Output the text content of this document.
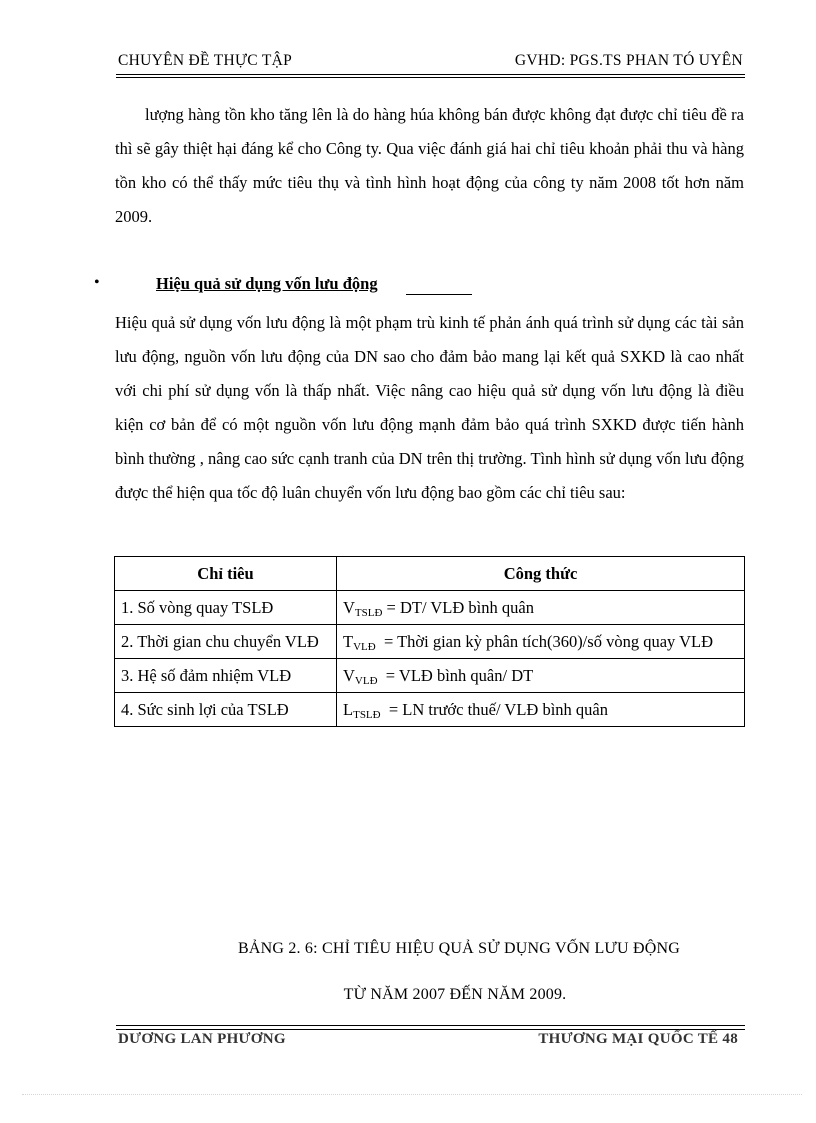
CHUYÊN ĐỀ THỰC TẬP	GVHD: PGS.TS PHAN TÓ UYÊN
lượng hàng tồn kho tăng lên là do hàng húa không bán được không đạt được chỉ tiêu đề ra thì sẽ gây thiệt hại đáng kể cho Công ty. Qua việc đánh giá hai chỉ tiêu khoản phải thu và hàng tồn kho có thể thấy mức tiêu thụ và tình hình hoạt động của công ty năm 2008 tốt hơn năm 2009.
•	Hiệu quả sử dụng vốn lưu động
Hiệu quả sử dụng vốn lưu động là một phạm trù kinh tế phản ánh quá trình sử dụng các tài sản lưu động, nguồn vốn lưu động của DN sao cho đảm bảo mang lại kết quả SXKD là cao nhất với chi phí sử dụng vốn là thấp nhất. Việc nâng cao hiệu quả sử dụng vốn lưu động là điều kiện cơ bản để có một nguồn vốn lưu động mạnh đảm bảo quá trình SXKD được tiến hành bình thường , nâng cao sức cạnh tranh của DN trên thị trường. Tình hình sử dụng vốn lưu động được thể hiện qua tốc độ luân chuyển vốn lưu động bao gồm các chỉ tiêu sau:
Chỉ tiêu	Công thức
1. Số vòng quay TSLĐ	$V_{TSLĐ} = DT/$ VLĐ bình quân
2. Thời gian chu chuyển VLĐ	$T_{VLĐ}$  = Thời gian kỳ phân tích(360)/số vòng quay VLĐ
3. Hệ số đảm nhiệm VLĐ	$V_{VLĐ}$  = VLĐ bình quân/ DT
4. Sức sinh lợi của TSLĐ	$L_{TSLĐ}$  = LN trước thuế/ VLĐ bình quân
BẢNG 2. 6: CHỈ TIÊU HIỆU QUẢ SỬ DỤNG VỐN LƯU ĐỘNG
TỪ NĂM 2007 ĐẾN NĂM 2009.
DƯƠNG LAN PHƯƠNG	THƯƠNG MẠI QUỐC TẾ 48
